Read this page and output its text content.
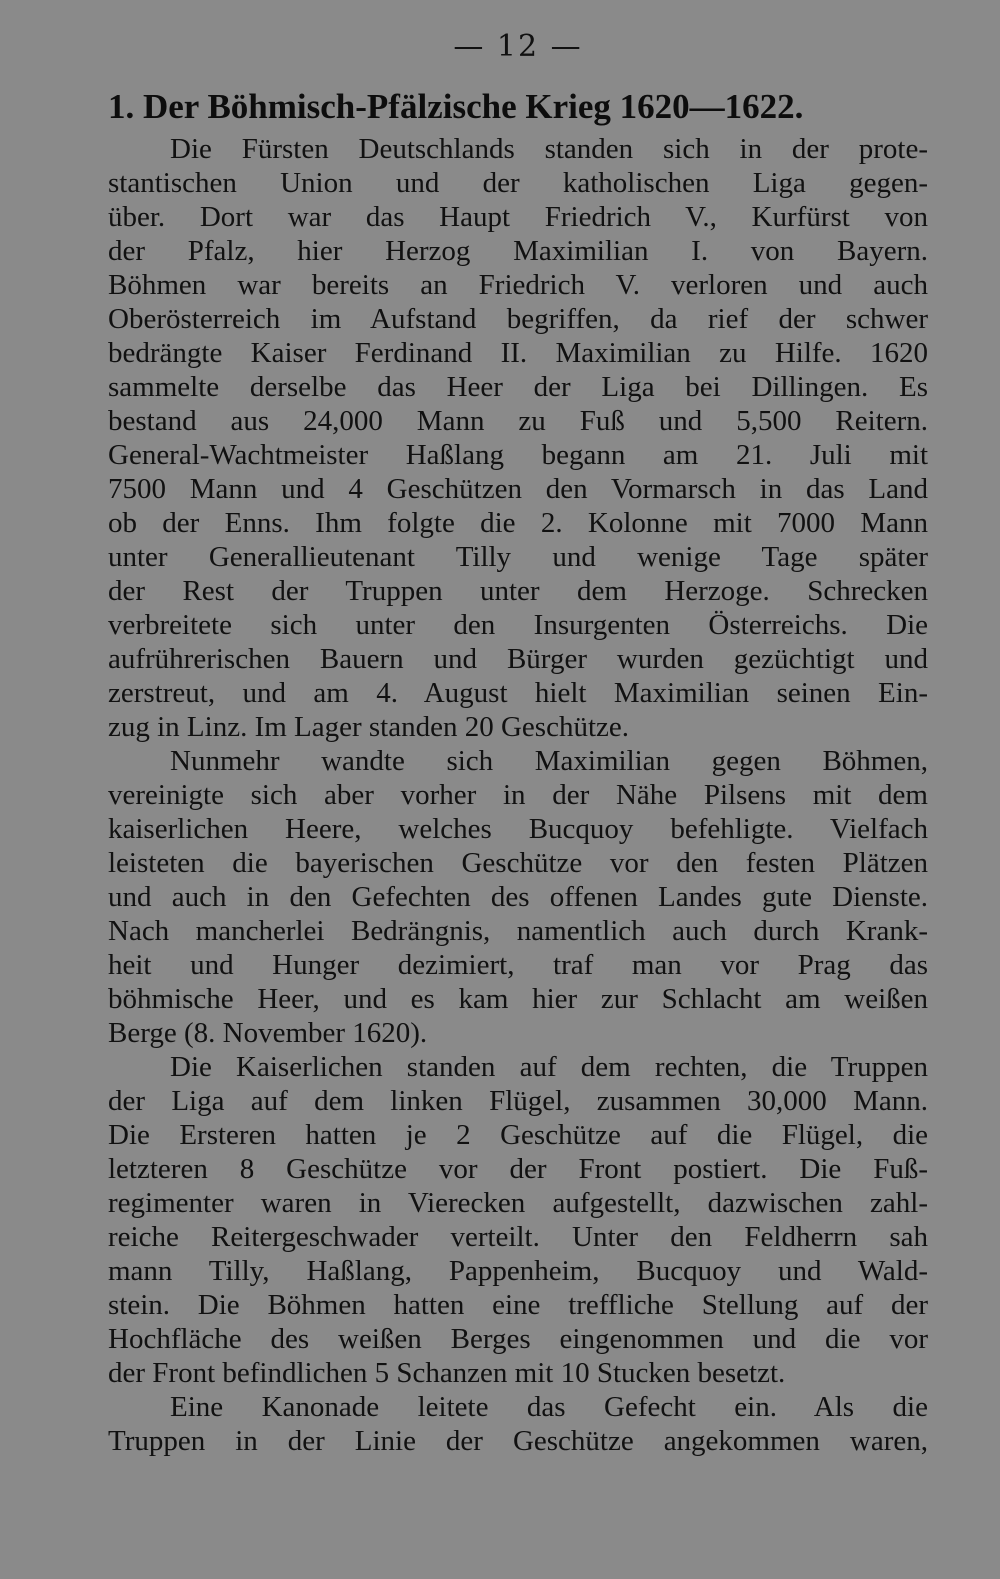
— 12 —
1. Der Böhmisch-Pfälzische Krieg 1620—1622.
Die Fürsten Deutschlands standen sich in der prote-
stantischen Union und der katholischen Liga gegen-
über. Dort war das Haupt Friedrich V., Kurfürst von
der Pfalz, hier Herzog Maximilian I. von Bayern.
Böhmen war bereits an Friedrich V. verloren und auch
Oberösterreich im Aufstand begriffen, da rief der schwer
bedrängte Kaiser Ferdinand II. Maximilian zu Hilfe. 1620
sammelte derselbe das Heer der Liga bei Dillingen. Es
bestand aus 24,000 Mann zu Fuß und 5,500 Reitern.
General-Wachtmeister Haßlang begann am 21. Juli mit
7500 Mann und 4 Geschützen den Vormarsch in das Land
ob der Enns. Ihm folgte die 2. Kolonne mit 7000 Mann
unter Generallieutenant Tilly und wenige Tage später
der Rest der Truppen unter dem Herzoge. Schrecken
verbreitete sich unter den Insurgenten Österreichs. Die
aufrührerischen Bauern und Bürger wurden gezüchtigt und
zerstreut, und am 4. August hielt Maximilian seinen Ein-
zug in Linz. Im Lager standen 20 Geschütze.
Nunmehr wandte sich Maximilian gegen Böhmen,
vereinigte sich aber vorher in der Nähe Pilsens mit dem
kaiserlichen Heere, welches Bucquoy befehligte. Vielfach
leisteten die bayerischen Geschütze vor den festen Plätzen
und auch in den Gefechten des offenen Landes gute Dienste.
Nach mancherlei Bedrängnis, namentlich auch durch Krank-
heit und Hunger dezimiert, traf man vor Prag das
böhmische Heer, und es kam hier zur Schlacht am weißen
Berge (8. November 1620).
Die Kaiserlichen standen auf dem rechten, die Truppen
der Liga auf dem linken Flügel, zusammen 30,000 Mann.
Die Ersteren hatten je 2 Geschütze auf die Flügel, die
letzteren 8 Geschütze vor der Front postiert. Die Fuß-
regimenter waren in Vierecken aufgestellt, dazwischen zahl-
reiche Reitergeschwader verteilt. Unter den Feldherrn sah
mann Tilly, Haßlang, Pappenheim, Bucquoy und Wald-
stein. Die Böhmen hatten eine treffliche Stellung auf der
Hochfläche des weißen Berges eingenommen und die vor
der Front befindlichen 5 Schanzen mit 10 Stucken besetzt.
Eine Kanonade leitete das Gefecht ein. Als die
Truppen in der Linie der Geschütze angekommen waren,
